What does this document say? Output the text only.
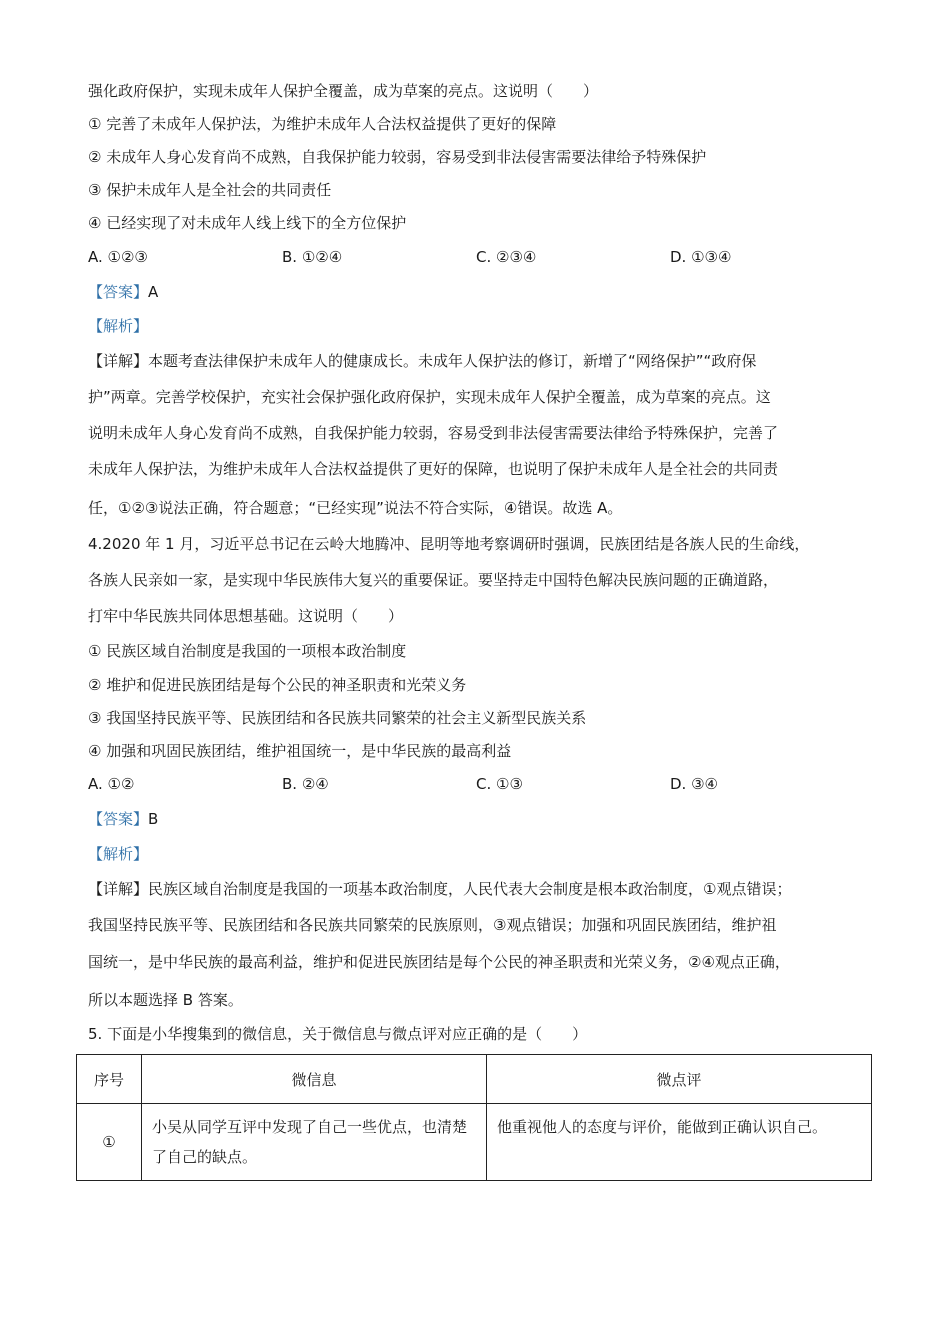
强化政府保护，实现未成年人保护全覆盖，成为草案的亮点。这说明（　　）
① 完善了未成年人保护法，为维护未成年人合法权益提供了更好的保障
② 未成年人身心发育尚不成熟，自我保护能力较弱，容易受到非法侵害需要法律给予特殊保护
③ 保护未成年人是全社会的共同责任
④ 已经实现了对未成年人线上线下的全方位保护
A. ①②③	B. ①②④	C. ②③④	D. ①③④
【答案】A
【解析】
【详解】本题考查法律保护未成年人的健康成长。未成年人保护法的修订，新增了“网络保护”“政府保
护”两章。完善学校保护，充实社会保护强化政府保护，实现未成年人保护全覆盖，成为草案的亮点。这
说明未成年人身心发育尚不成熟，自我保护能力较弱，容易受到非法侵害需要法律给予特殊保护，完善了
未成年人保护法，为维护未成年人合法权益提供了更好的保障，也说明了保护未成年人是全社会的共同责
任，①②③说法正确，符合题意；“已经实现”说法不符合实际，④错误。故选 A。
4.2020 年 1 月，习近平总书记在云岭大地腾冲、昆明等地考察调研时强调，民族团结是各族人民的生命线，
各族人民亲如一家，是实现中华民族伟大复兴的重要保证。要坚持走中国特色解决民族问题的正确道路，
打牢中华民族共同体思想基础。这说明（　　）
① 民族区域自治制度是我国的一项根本政治制度
② 堆护和促进民族团结是每个公民的神圣职责和光荣义务
③ 我国坚持民族平等、民族团结和各民族共同繁荣的社会主义新型民族关系
④ 加强和巩固民族团结，维护祖国统一，是中华民族的最高利益
A. ①②	B. ②④	C. ①③	D. ③④
【答案】B
【解析】
【详解】民族区域自治制度是我国的一项基本政治制度，人民代表大会制度是根本政治制度，①观点错误；
我国坚持民族平等、民族团结和各民族共同繁荣的民族原则，③观点错误；加强和巩固民族团结，维护祖
国统一，是中华民族的最高利益，维护和促进民族团结是每个公民的神圣职责和光荣义务，②④观点正确，
所以本题选择 B 答案。
5. 下面是小华搜集到的微信息，关于微信息与微点评对应正确的是（　　）
序号	微信息	微点评
①	小吴从同学互评中发现了自己一些优点，也清楚了自己的缺点。	他重视他人的态度与评价，能做到正确认识自己。
